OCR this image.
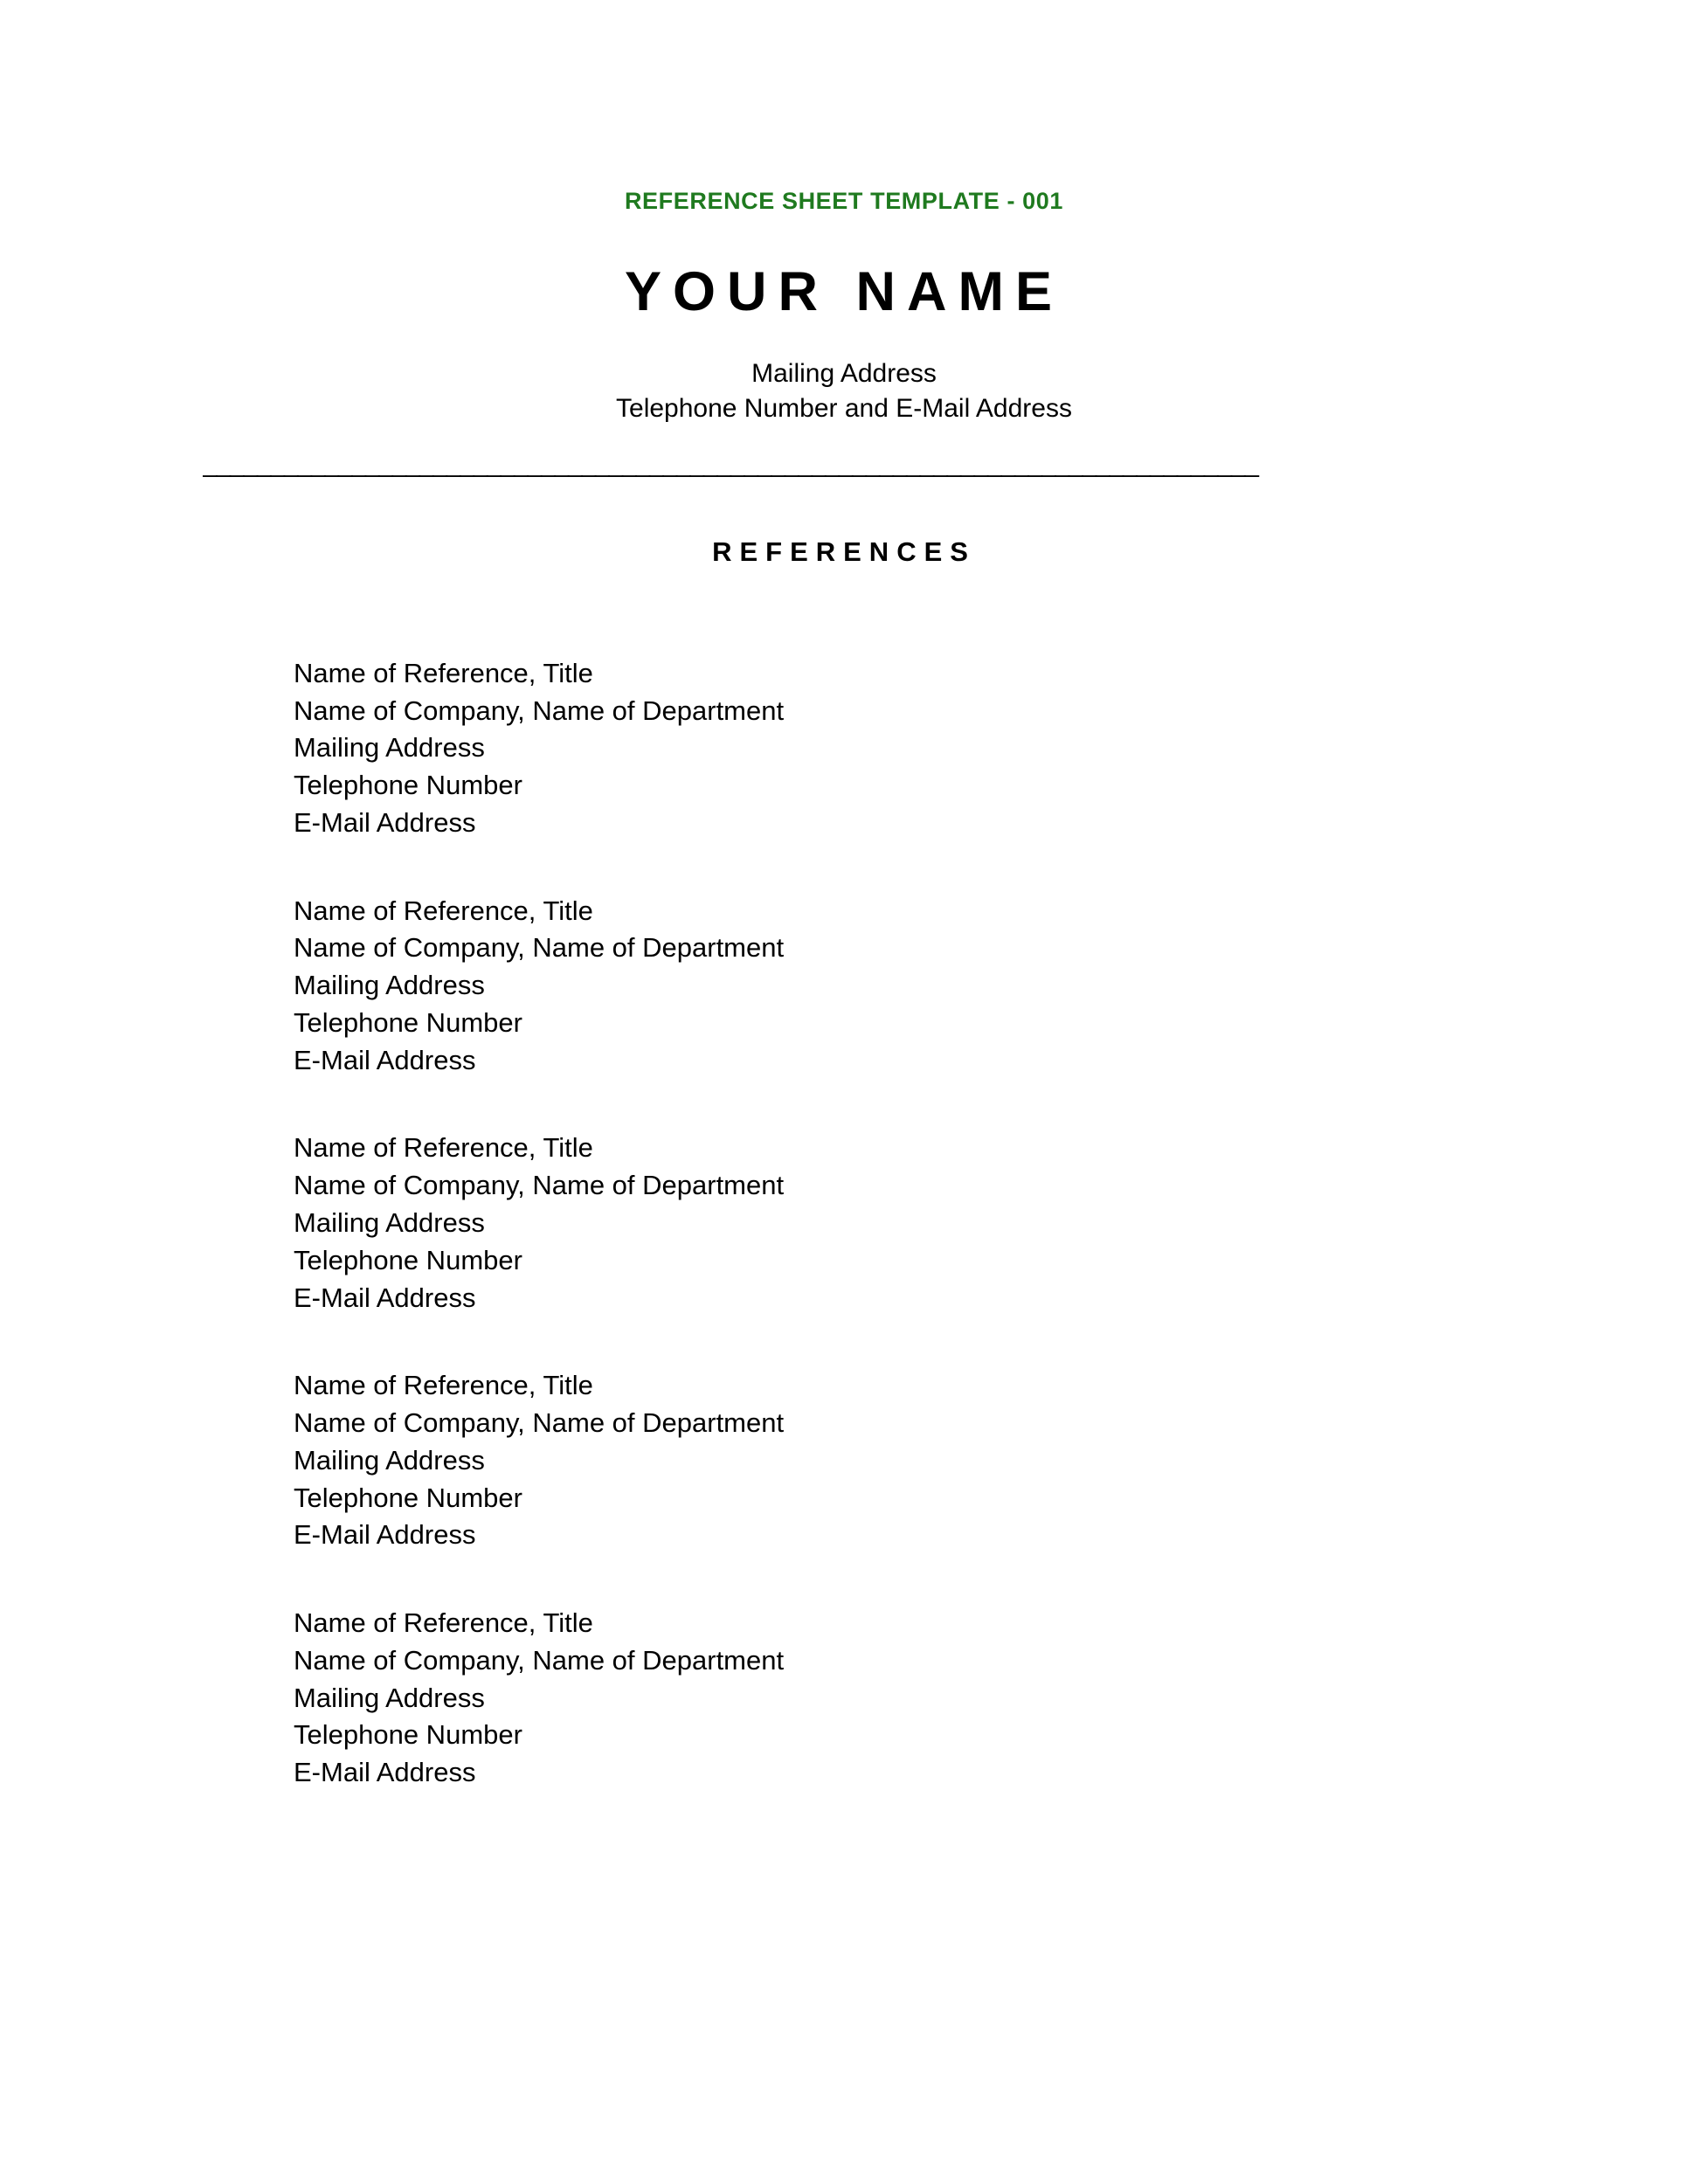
REFERENCE SHEET TEMPLATE - 001
YOUR NAME
Mailing Address
Telephone Number and E-Mail Address
______________________________________________________________________________
REFERENCES
Name of Reference, Title
Name of Company, Name of Department
Mailing Address
Telephone Number
E-Mail Address
Name of Reference, Title
Name of Company, Name of Department
Mailing Address
Telephone Number
E-Mail Address
Name of Reference, Title
Name of Company, Name of Department
Mailing Address
Telephone Number
E-Mail Address
Name of Reference, Title
Name of Company, Name of Department
Mailing Address
Telephone Number
E-Mail Address
Name of Reference, Title
Name of Company, Name of Department
Mailing Address
Telephone Number
E-Mail Address
